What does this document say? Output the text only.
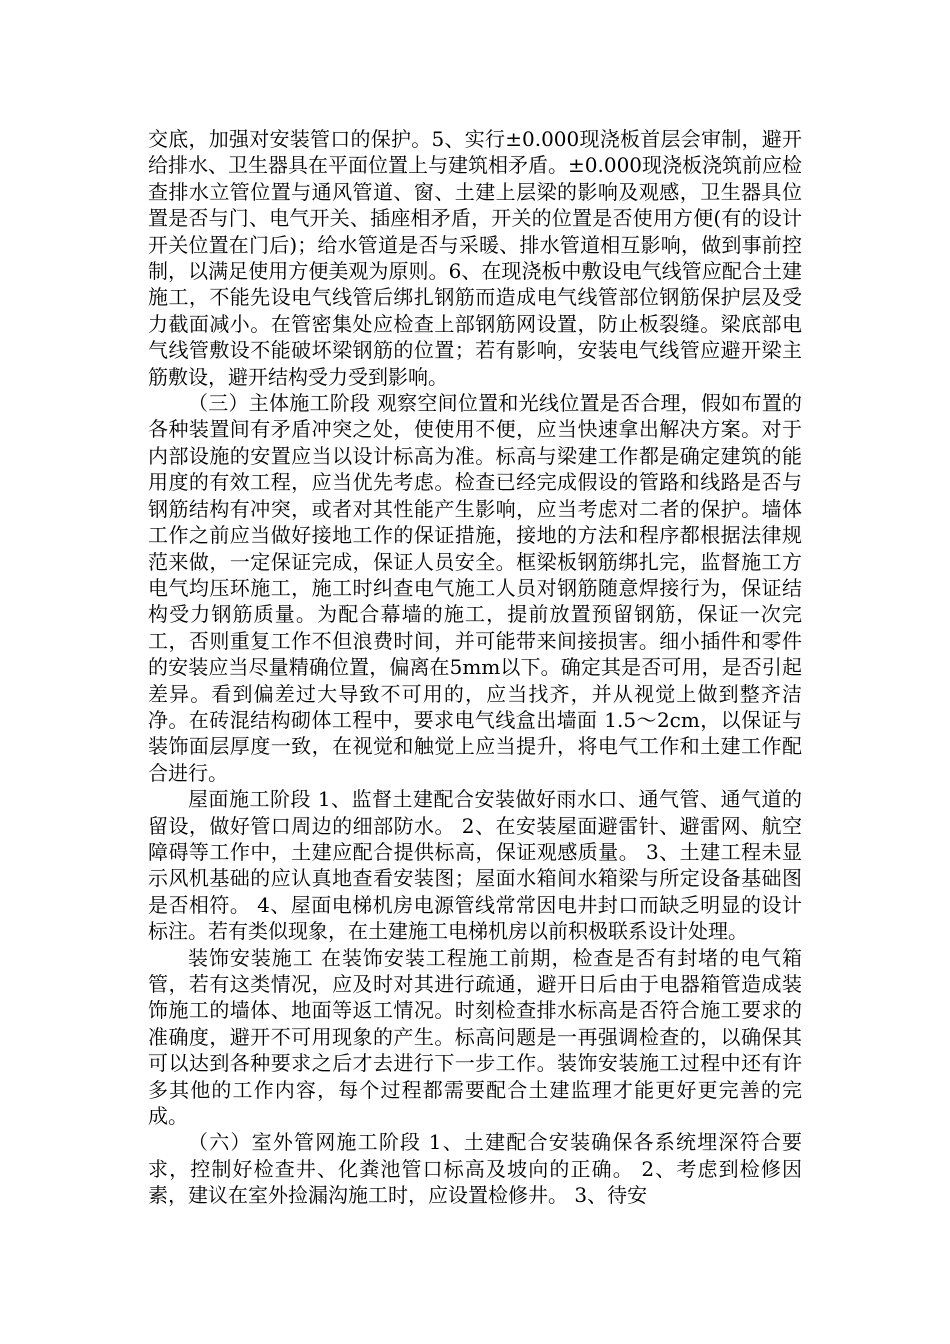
交底，加强对安装管口的保护。5、实行±0.000现浇板首层会审制，避开给排水、卫生器具在平面位置上与建筑相矛盾。±0.000现浇板浇筑前应检查排水立管位置与通风管道、窗、土建上层梁的影响及观感，卫生器具位置是否与门、电气开关、插座相矛盾，开关的位置是否使用方便(有的设计开关位置在门后)；给水管道是否与采暖、排水管道相互影响，做到事前控制，以满足使用方便美观为原则。6、在现浇板中敷设电气线管应配合土建施工，不能先设电气线管后绑扎钢筋而造成电气线管部位钢筋保护层及受力截面减小。在管密集处应检查上部钢筋网设置，防止板裂缝。梁底部电气线管敷设不能破坏梁钢筋的位置；若有影响，安装电气线管应避开梁主筋敷设，避开结构受力受到影响。

（三）主体施工阶段 观察空间位置和光线位置是否合理，假如布置的各种装置间有矛盾冲突之处，使使用不便，应当快速拿出解决方案。对于内部设施的安置应当以设计标高为准。标高与梁建工作都是确定建筑的能用度的有效工程，应当优先考虑。检查已经完成假设的管路和线路是否与钢筋结构有冲突，或者对其性能产生影响，应当考虑对二者的保护。墙体工作之前应当做好接地工作的保证措施，接地的方法和程序都根据法律规范来做，一定保证完成，保证人员安全。框梁板钢筋绑扎完，监督施工方电气均压环施工，施工时纠查电气施工人员对钢筋随意焊接行为，保证结构受力钢筋质量。为配合幕墙的施工，提前放置预留钢筋，保证一次完工，否则重复工作不但浪费时间，并可能带来间接损害。细小插件和零件的安装应当尽量精确位置，偏离在5mm以下。确定其是否可用，是否引起差异。看到偏差过大导致不可用的，应当找齐，并从视觉上做到整齐洁净。在砖混结构砌体工程中，要求电气线盒出墙面 1.5～2cm，以保证与装饰面层厚度一致，在视觉和触觉上应当提升，将电气工作和土建工作配合进行。

屋面施工阶段 1、监督土建配合安装做好雨水口、通气管、通气道的留设，做好管口周边的细部防水。 2、在安装屋面避雷针、避雷网、航空障碍等工作中，土建应配合提供标高，保证观感质量。 3、土建工程未显示风机基础的应认真地查看安装图；屋面水箱间水箱梁与所定设备基础图是否相符。 4、屋面电梯机房电源管线常常因电井封口而缺乏明显的设计标注。若有类似现象，在土建施工电梯机房以前积极联系设计处理。

装饰安装施工 在装饰安装工程施工前期，检查是否有封堵的电气箱管，若有这类情况，应及时对其进行疏通，避开日后由于电器箱管造成装饰施工的墙体、地面等返工情况。时刻检查排水标高是否符合施工要求的准确度，避开不可用现象的产生。标高问题是一再强调检查的，以确保其可以达到各种要求之后才去进行下一步工作。装饰安装施工过程中还有许多其他的工作内容，每个过程都需要配合土建监理才能更好更完善的完成。

（六）室外管网施工阶段 1、土建配合安装确保各系统埋深符合要求，控制好检查井、化粪池管口标高及坡向的正确。 2、考虑到检修因素，建议在室外捡漏沟施工时，应设置检修井。 3、待安
